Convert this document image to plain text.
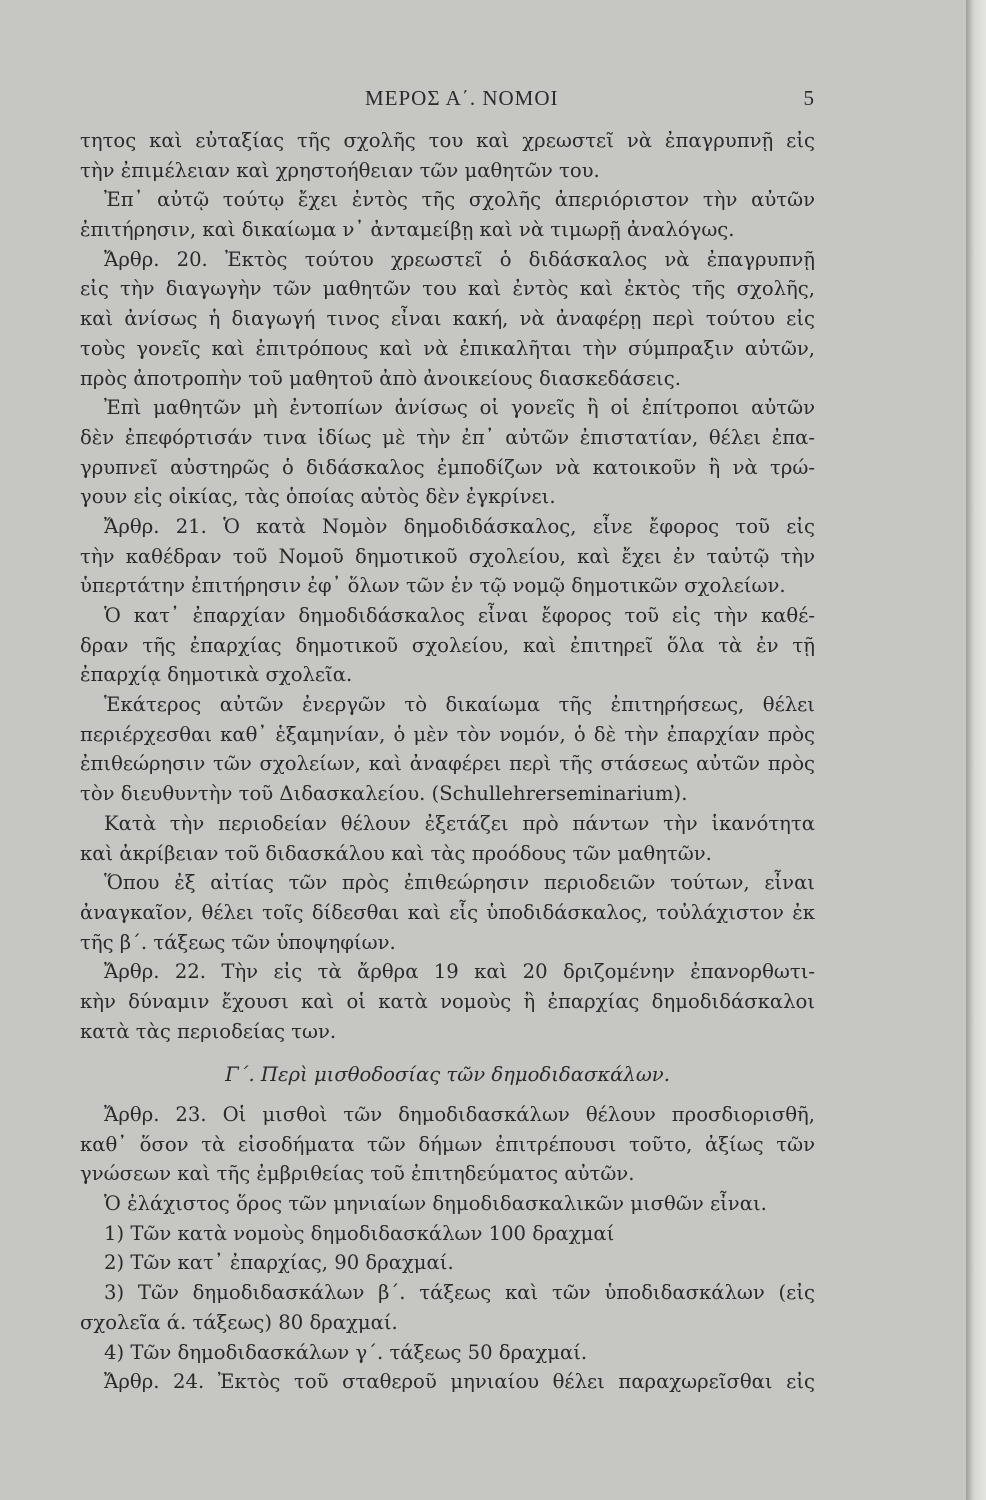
ΜΕΡΟΣ Α΄. ΝΟΜΟΙ	5
τητος καὶ εὐταξίας τῆς σχολῆς του καὶ χρεωστεῖ νὰ ἐπαγρυπνῇ εἰς
τὴν ἐπιμέλειαν καὶ χρηστοήθειαν τῶν μαθητῶν του.
Ἐπ᾽ αὐτῷ τούτῳ ἔχει ἐντὸς τῆς σχολῆς ἀπεριόριστον τὴν αὐτῶν
ἐπιτήρησιν, καὶ δικαίωμα ν᾽ ἀνταμείβῃ καὶ νὰ τιμωρῇ ἀναλόγως.
Ἄρθρ. 20. Ἐκτὸς τούτου χρεωστεῖ ὁ διδάσκαλος νὰ ἐπαγρυπνῇ
εἰς τὴν διαγωγὴν τῶν μαθητῶν του καὶ ἐντὸς καὶ ἐκτὸς τῆς σχολῆς,
καὶ ἀνίσως ἡ διαγωγή τινος εἶναι κακή, νὰ ἀναφέρῃ περὶ τούτου εἰς
τοὺς γονεῖς καὶ ἐπιτρόπους καὶ νὰ ἐπικαλῆται τὴν σύμπραξιν αὐτῶν,
πρὸς ἀποτροπὴν τοῦ μαθητοῦ ἀπὸ ἀνοικείους διασκεδάσεις.
Ἐπὶ μαθητῶν μὴ ἐντοπίων ἀνίσως οἱ γονεῖς ἢ οἱ ἐπίτροποι αὐτῶν
δὲν ἐπεφόρτισάν τινα ἰδίως μὲ τὴν ἐπ᾽ αὐτῶν ἐπιστατίαν, θέλει ἐπα-
γρυπνεῖ αὐστηρῶς ὁ διδάσκαλος ἐμποδίζων νὰ κατοικοῦν ἢ νὰ τρώ-
γουν εἰς οἰκίας, τὰς ὁποίας αὐτὸς δὲν ἐγκρίνει.
Ἄρθρ. 21. Ὁ κατὰ Νομὸν δημοδιδάσκαλος, εἶνε ἔφορος τοῦ εἰς
τὴν καθέδραν τοῦ Νομοῦ δημοτικοῦ σχολείου, καὶ ἔχει ἐν ταὐτῷ τὴν
ὑπερτάτην ἐπιτήρησιν ἐφ᾽ ὅλων τῶν ἐν τῷ νομῷ δημοτικῶν σχολείων.
Ὁ κατ᾽ ἐπαρχίαν δημοδιδάσκαλος εἶναι ἔφορος τοῦ εἰς τὴν καθέ-
δραν τῆς ἐπαρχίας δημοτικοῦ σχολείου, καὶ ἐπιτηρεῖ ὅλα τὰ ἐν τῇ
ἐπαρχίᾳ δημοτικὰ σχολεῖα.
Ἑκάτερος αὐτῶν ἐνεργῶν τὸ δικαίωμα τῆς ἐπιτηρήσεως, θέλει
περιέρχεσθαι καθ᾽ ἑξαμηνίαν, ὁ μὲν τὸν νομόν, ὁ δὲ τὴν ἐπαρχίαν πρὸς
ἐπιθεώρησιν τῶν σχολείων, καὶ ἀναφέρει περὶ τῆς στάσεως αὐτῶν πρὸς
τὸν διευθυντὴν τοῦ Διδασκαλείου. (Schullehrerseminarium).
Κατὰ τὴν περιοδείαν θέλουν ἐξετάζει πρὸ πάντων τὴν ἱκανότητα
καὶ ἀκρίβειαν τοῦ διδασκάλου καὶ τὰς προόδους τῶν μαθητῶν.
Ὅπου ἐξ αἰτίας τῶν πρὸς ἐπιθεώρησιν περιοδειῶν τούτων, εἶναι
ἀναγκαῖον, θέλει τοῖς δίδεσθαι καὶ εἷς ὑποδιδάσκαλος, τοὐλάχιστον ἐκ
τῆς β΄. τάξεως τῶν ὑποψηφίων.
Ἄρθρ. 22. Τὴν εἰς τὰ ἄρθρα 19 καὶ 20 δριζομένην ἐπανορθωτι-
κὴν δύναμιν ἔχουσι καὶ οἱ κατὰ νομοὺς ἢ ἐπαρχίας δημοδιδάσκαλοι
κατὰ τὰς περιοδείας των.
Γ΄. Περὶ μισθοδοσίας τῶν δημοδιδασκάλων.
Ἄρθρ. 23. Οἱ μισθοὶ τῶν δημοδιδασκάλων θέλουν προσδιορισθῆ,
καθ᾽ ὅσον τὰ εἰσοδήματα τῶν δήμων ἐπιτρέπουσι τοῦτο, ἀξίως τῶν
γνώσεων καὶ τῆς ἐμβριθείας τοῦ ἐπιτηδεύματος αὐτῶν.
Ὁ ἐλάχιστος ὅρος τῶν μηνιαίων δημοδιδασκαλικῶν μισθῶν εἶναι.
1) Τῶν κατὰ νομοὺς δημοδιδασκάλων 100 δραχμαί
2) Τῶν κατ᾽ ἐπαρχίας, 90 δραχμαί.
3) Τῶν δημοδιδασκάλων β΄. τάξεως καὶ τῶν ὑποδιδασκάλων (εἰς
σχολεῖα ά. τάξεως) 80 δραχμαί.
4) Τῶν δημοδιδασκάλων γ΄. τάξεως 50 δραχμαί.
Ἄρθρ. 24. Ἐκτὸς τοῦ σταθεροῦ μηνιαίου θέλει παραχωρεῖσθαι εἰς
